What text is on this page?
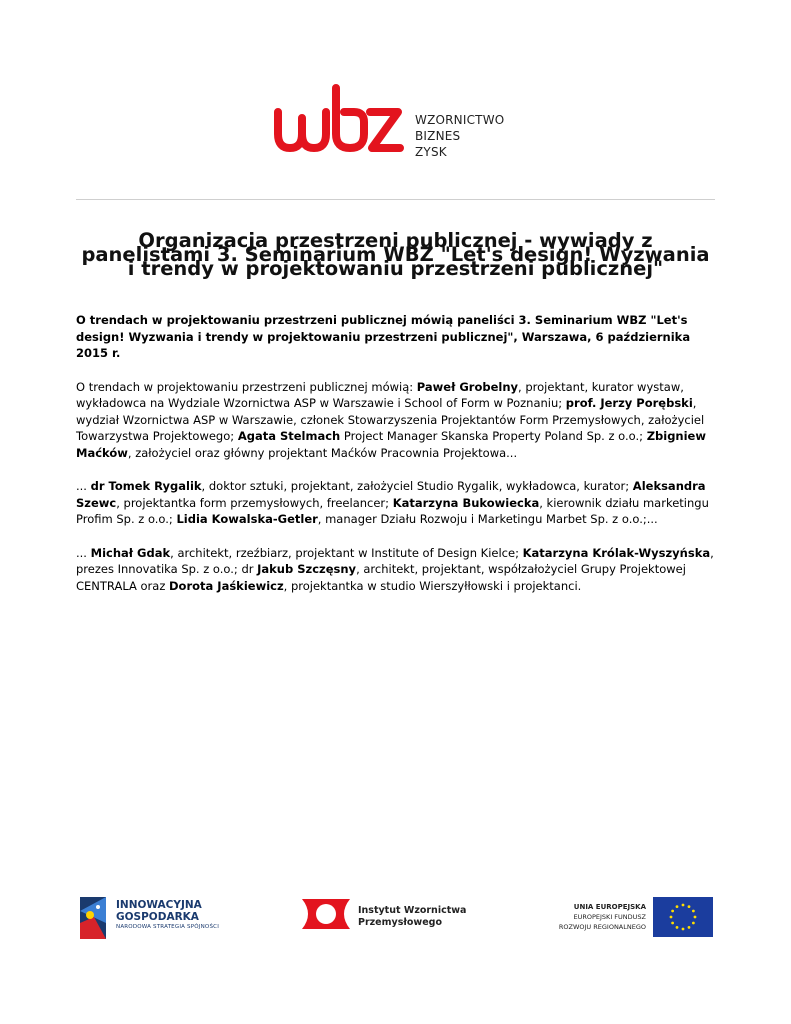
WZORNICTWO
BIZNES
ZYSK
Organizacja przestrzeni publicznej - wywiady z panelistami 3. Seminarium WBZ "Let's design! Wyzwania i trendy w projektowaniu przestrzeni publicznej"

O trendach w projektowaniu przestrzeni publicznej mówią paneliści 3. Seminarium WBZ "Let's design! Wyzwania i trendy w projektowaniu przestrzeni publicznej", Warszawa, 6 października 2015 r.

O trendach w projektowaniu przestrzeni publicznej mówią: Paweł Grobelny, projektant, kurator wystaw, wykładowca na Wydziale Wzornictwa ASP w Warszawie i School of Form w Poznaniu; prof. Jerzy Porębski, wydział Wzornictwa ASP w Warszawie, członek Stowarzyszenia Projektantów Form Przemysłowych, założyciel Towarzystwa Projektowego; Agata Stelmach Project Manager Skanska Property Poland Sp. z o.o.; Zbigniew Maćków, założyciel oraz główny projektant Maćków Pracownia Projektowa...

... dr Tomek Rygalik, doktor sztuki, projektant, założyciel Studio Rygalik, wykładowca, kurator; Aleksandra Szewc, projektantka form przemysłowych, freelancer; Katarzyna Bukowiecka, kierownik działu marketingu Profim Sp. z o.o.; Lidia Kowalska-Getler, manager Działu Rozwoju i Marketingu Marbet Sp. z o.o.;...

... Michał Gdak, architekt, rzeźbiarz, projektant w Institute of Design Kielce; Katarzyna Królak-Wyszyńska, prezes Innovatika Sp. z o.o.; dr Jakub Szczęsny, architekt, projektant, współzałożyciel Grupy Projektowej CENTRALA oraz Dorota Jaśkiewicz, projektantka w studio Wierszyłłowski i projektanci.

INNOWACYJNA
GOSPODARKA
NARODOWA STRATEGIA SPÓJNOŚCI
Instytut Wzornictwa
Przemysłowego
UNIA EUROPEJSKA
EUROPEJSKI FUNDUSZ
ROZWOJU REGIONALNEGO
